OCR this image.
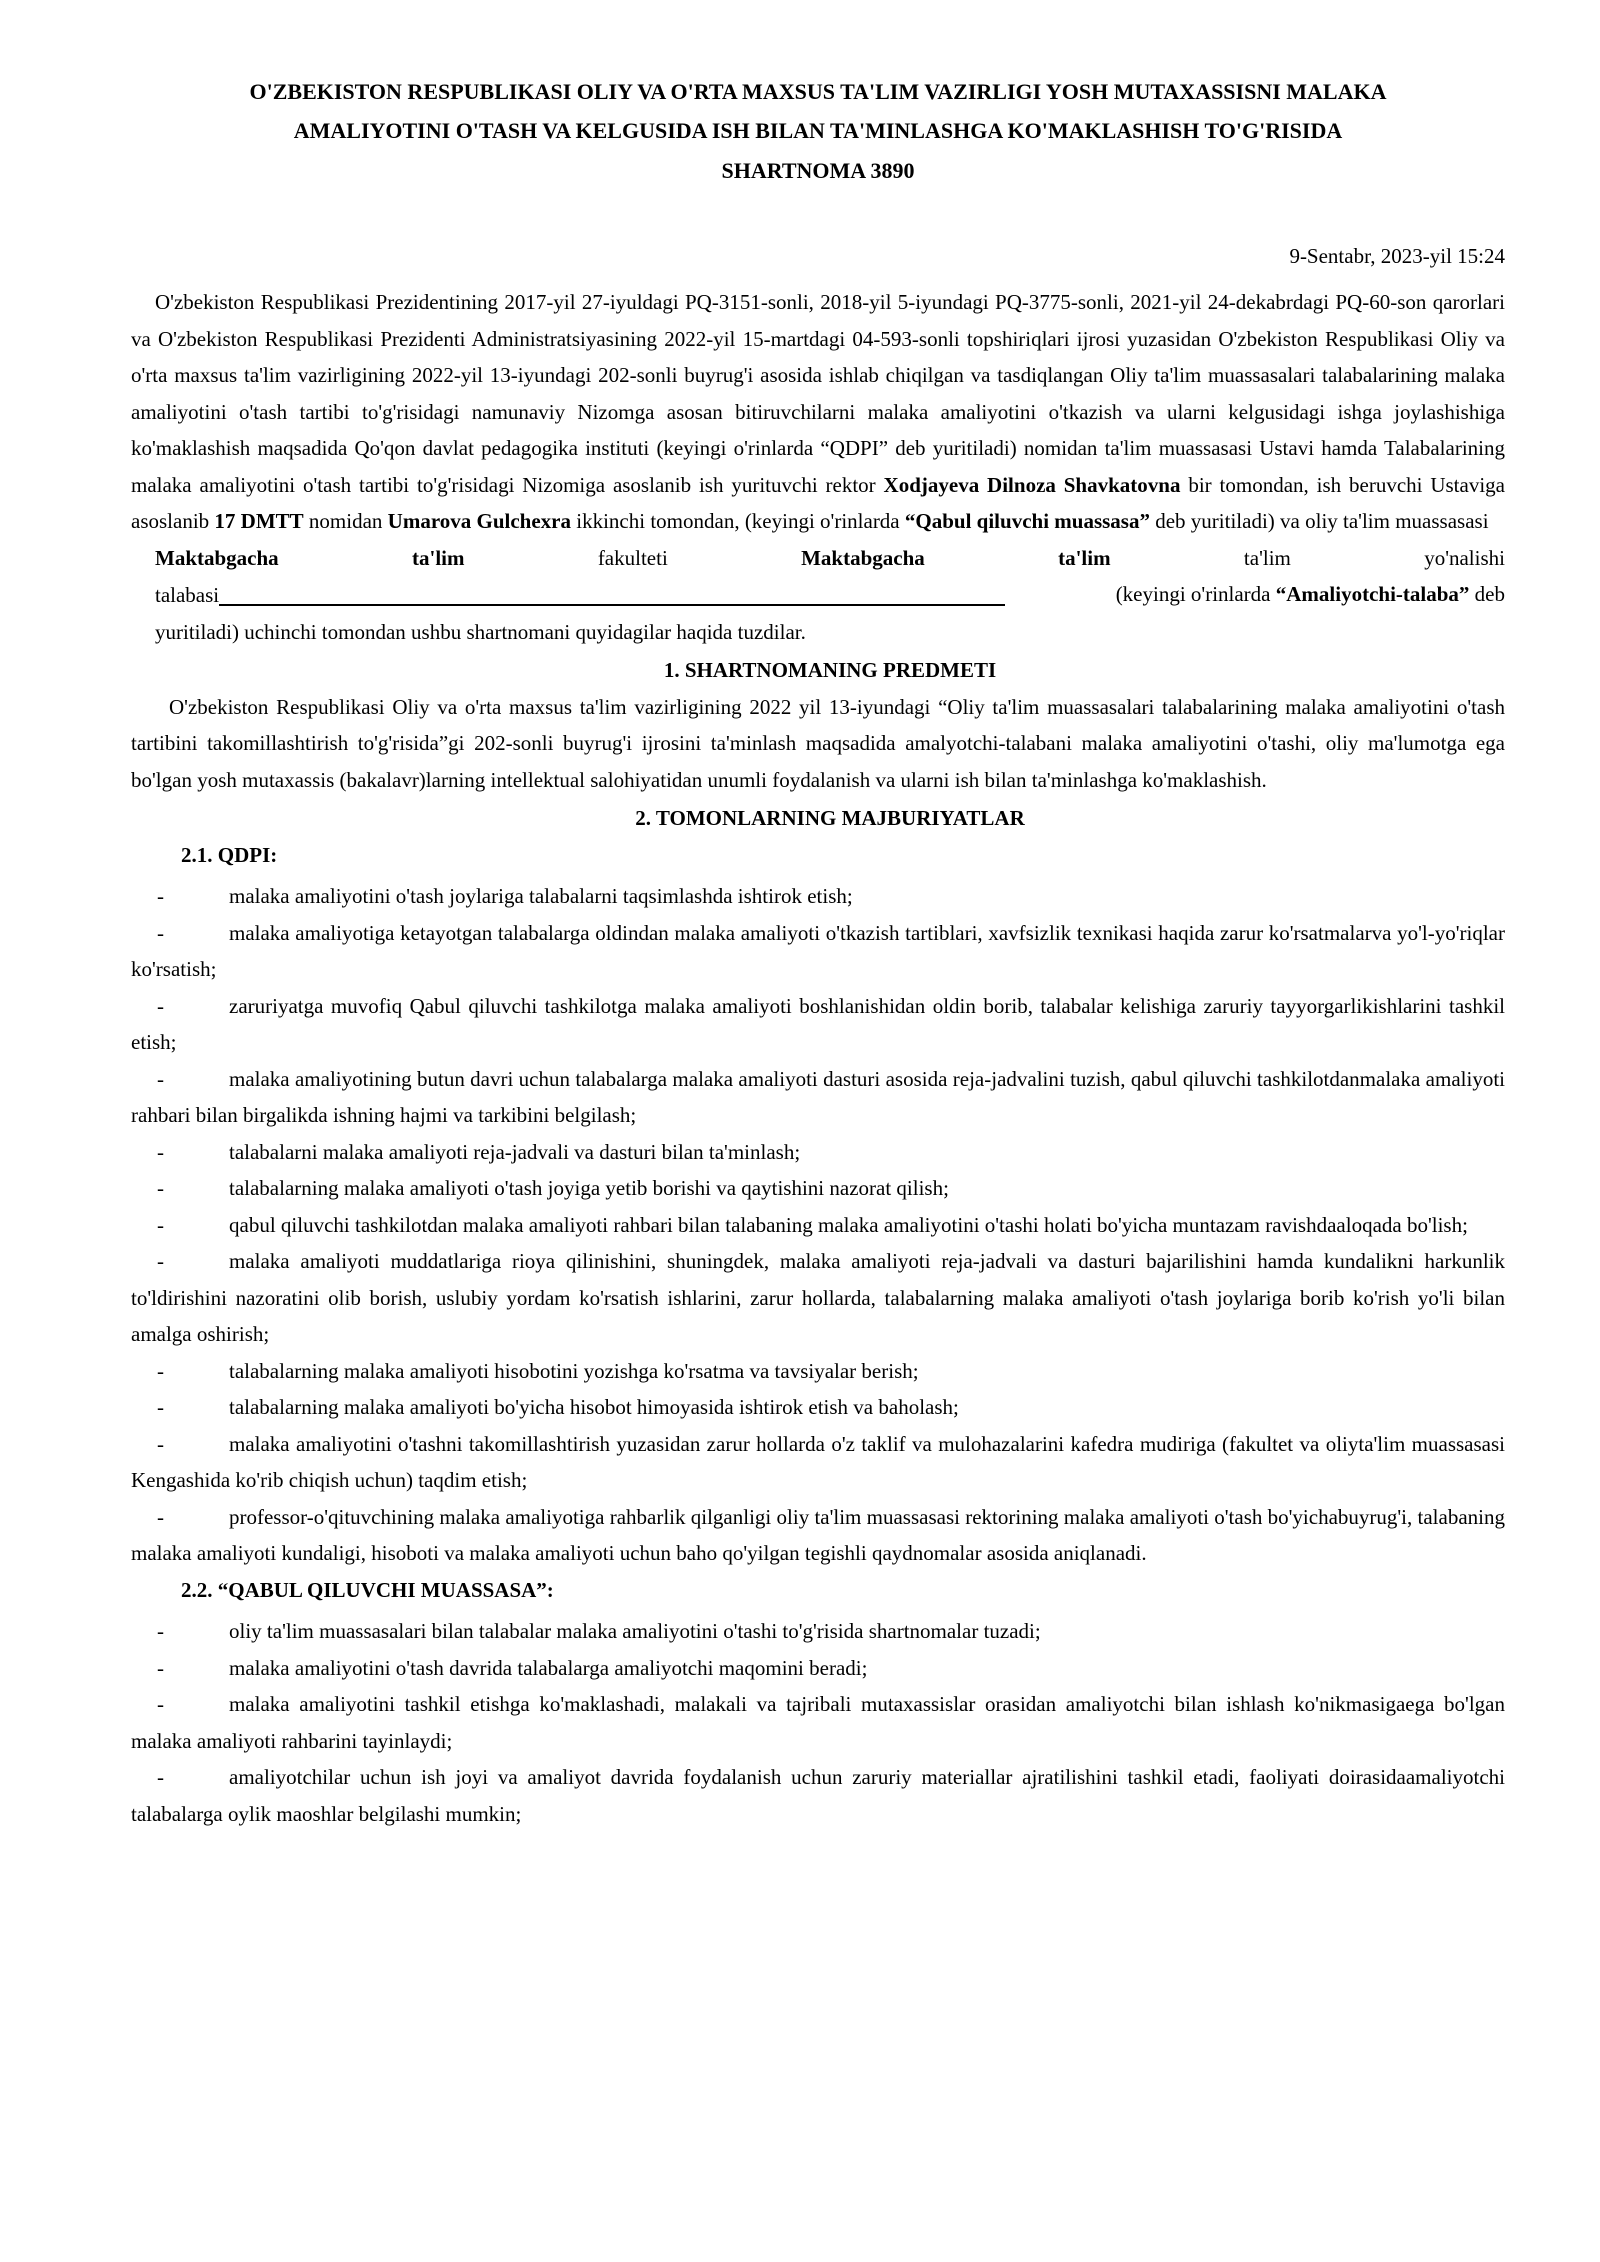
O'ZBEKISTON RESPUBLIKASI OLIY VA O'RTA MAXSUS TA'LIM VAZIRLIGI YOSH MUTAXASSISNI MALAKA

AMALIYOTINI O'TASH VA KELGUSIDA ISH BILAN TA'MINLASHGA KO'MAKLASHISH TO'G'RISIDA

SHARTNOMA 3890
9-Sentabr, 2023-yil 15:24

O'zbekiston Respublikasi Prezidentining 2017-yil 27-iyuldagi PQ-3151-sonli, 2018-yil 5-iyundagi PQ-3775-sonli, 2021-yil 24-dekabrdagi PQ-60-son qarorlari va O'zbekiston Respublikasi Prezidenti Administratsiyasining 2022-yil 15-martdagi 04-593-sonli topshiriqlari ijrosi yuzasidan O'zbekiston Respublikasi Oliy va o'rta maxsus ta'lim vazirligining 2022-yil 13-iyundagi 202-sonli buyrug'i asosida ishlab chiqilgan va tasdiqlangan Oliy ta'lim muassasalari talabalarining malaka amaliyotini o'tash tartibi to'g'risidagi namunaviy Nizomga asosan bitiruvchilarni malaka amaliyotini o'tkazish va ularni kelgusidagi ishga joylashishiga ko'maklashish maqsadida Qo'qon davlat pedagogika instituti (keyingi o'rinlarda “QDPI” deb yuritiladi) nomidan ta'lim muassasasi Ustavi hamda Talabalarining malaka amaliyotini o'tash tartibi to'g'risidagi Nizomiga asoslanib ish yurituvchi rektor Xodjayeva Dilnoza Shavkatovna bir tomondan, ish beruvchi Ustaviga asoslanib 17 DMTT nomidan Umarova Gulchexra ikkinchi tomondan, (keyingi o'rinlarda “Qabul qiluvchi muassasa” deb yuritiladi) va oliy ta'lim muassasasi

Maktabgacha	ta'lim	fakulteti	Maktabgacha	ta'lim	ta'lim	yo'nalishi
talabasi	(keyingi o'rinlarda “Amaliyotchi-talaba” deb

yuritiladi) uchinchi tomondan ushbu shartnomani quyidagilar haqida tuzdilar.

1. SHARTNOMANING PREDMETI

O'zbekiston Respublikasi Oliy va o'rta maxsus ta'lim vazirligining 2022 yil 13-iyundagi “Oliy ta'lim muassasalari talabalarining malaka amaliyotini o'tash tartibini takomillashtirish to'g'risida”gi 202-sonli buyrug'i ijrosini ta'minlash maqsadida amalyotchi-talabani malaka amaliyotini o'tashi, oliy ma'lumotga ega bo'lgan yosh mutaxassis (bakalavr)larning intellektual salohiyatidan unumli foydalanish va ularni ish bilan ta'minlashga ko'maklashish.

2. TOMONLARNING MAJBURIYATLAR

2.1. QDPI:

-	malaka amaliyotini o'tash joylariga talabalarni taqsimlashda ishtirok etish;

-	malaka amaliyotiga ketayotgan talabalarga oldindan malaka amaliyoti o'tkazish tartiblari, xavfsizlik texnikasi haqida zarur ko'rsatmalarva yo'l-yo'riqlar ko'rsatish;

-	zaruriyatga muvofiq Qabul qiluvchi tashkilotga malaka amaliyoti boshlanishidan oldin borib, talabalar kelishiga zaruriy tayyorgarlikishlarini tashkil etish;

-	malaka amaliyotining butun davri uchun talabalarga malaka amaliyoti dasturi asosida reja-jadvalini tuzish, qabul qiluvchi tashkilotdanmalaka amaliyoti rahbari bilan birgalikda ishning hajmi va tarkibini belgilash;

-	talabalarni malaka amaliyoti reja-jadvali va dasturi bilan ta'minlash;

-	talabalarning malaka amaliyoti o'tash joyiga yetib borishi va qaytishini nazorat qilish;

-	qabul qiluvchi tashkilotdan malaka amaliyoti rahbari bilan talabaning malaka amaliyotini o'tashi holati bo'yicha muntazam ravishdaaloqada bo'lish;

-	malaka amaliyoti muddatlariga rioya qilinishini, shuningdek, malaka amaliyoti reja-jadvali va dasturi bajarilishini hamda kundalikni harkunlik to'ldirishini nazoratini olib borish, uslubiy yordam ko'rsatish ishlarini, zarur hollarda, talabalarning malaka amaliyoti o'tash joylariga borib ko'rish yo'li bilan amalga oshirish;

-	talabalarning malaka amaliyoti hisobotini yozishga ko'rsatma va tavsiyalar berish;

-	talabalarning malaka amaliyoti bo'yicha hisobot himoyasida ishtirok etish va baholash;

-	malaka amaliyotini o'tashni takomillashtirish yuzasidan zarur hollarda o'z taklif va mulohazalarini kafedra mudiriga (fakultet va oliyta'lim muassasasi Kengashida ko'rib chiqish uchun) taqdim etish;

-	professor-o'qituvchining malaka amaliyotiga rahbarlik qilganligi oliy ta'lim muassasasi rektorining malaka amaliyoti o'tash bo'yichabuyrug'i, talabaning malaka amaliyoti kundaligi, hisoboti va malaka amaliyoti uchun baho qo'yilgan tegishli qaydnomalar asosida aniqlanadi.

2.2. “QABUL QILUVCHI MUASSASA”:

-	oliy ta'lim muassasalari bilan talabalar malaka amaliyotini o'tashi to'g'risida shartnomalar tuzadi;

-	malaka amaliyotini o'tash davrida talabalarga amaliyotchi maqomini beradi;

-	malaka amaliyotini tashkil etishga ko'maklashadi, malakali va tajribali mutaxassislar orasidan amaliyotchi bilan ishlash ko'nikmasigaega bo'lgan malaka amaliyoti rahbarini tayinlaydi;

-	amaliyotchilar uchun ish joyi va amaliyot davrida foydalanish uchun zaruriy materiallar ajratilishini tashkil etadi, faoliyati doirasidaamaliyotchi talabalarga oylik maoshlar belgilashi mumkin;
